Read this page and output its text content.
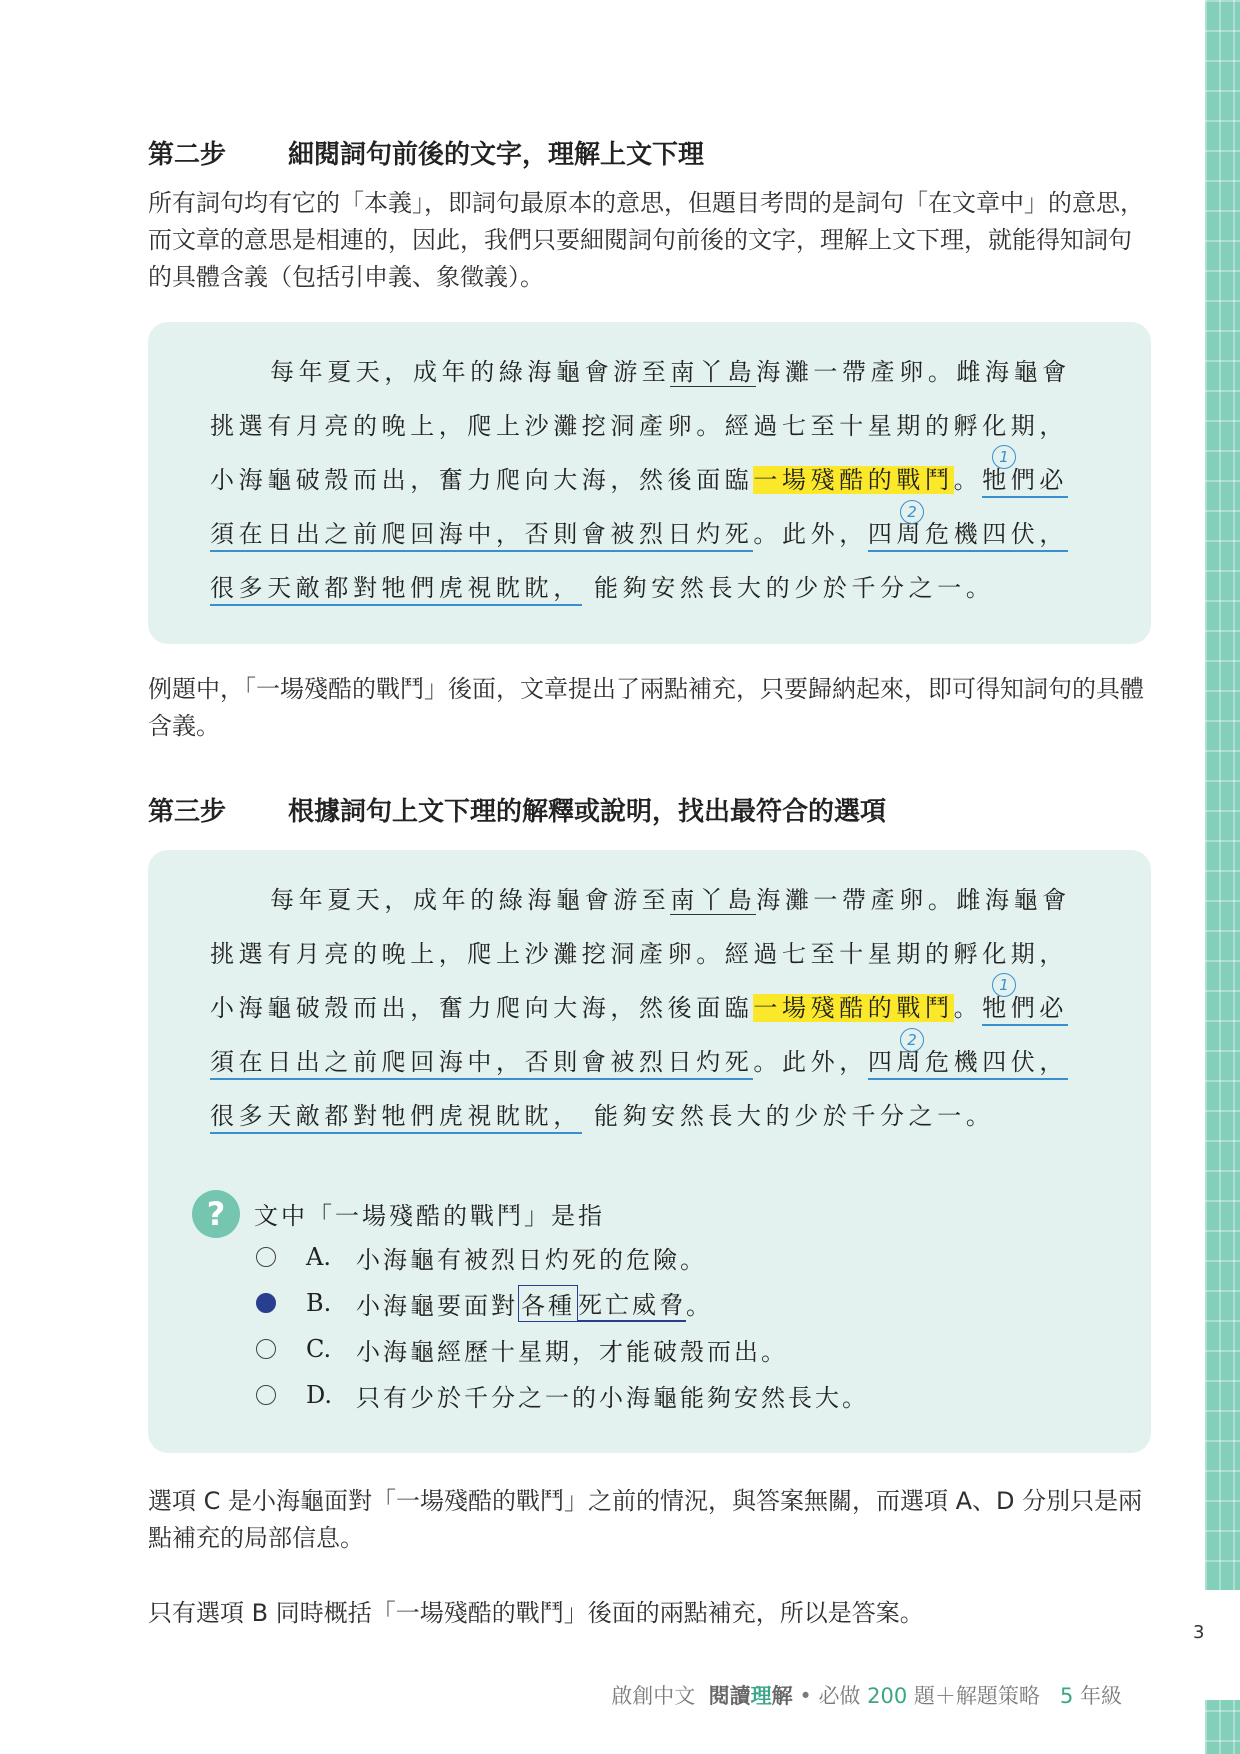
第二步 細閱詞句前後的文字，理解上文下理
所有詞句均有它的「本義」，即詞句最原本的意思，但題目考問的是詞句「在文章中」的意思，而文章的意思是相連的，因此，我們只要細閱詞句前後的文字，理解上文下理，就能得知詞句的具體含義（包括引申義、象徵義）。
每年夏天，成年的綠海龜會游至南丫島海灘一帶產卵。雌海龜會
挑選有月亮的晚上，爬上沙灘挖洞產卵。經過七至十星期的孵化期，
小海龜破殼而出，奮力爬向大海，然後面臨一場殘酷的戰鬥。牠們必
須在日出之前爬回海中，否則會被烈日灼死。此外，四周危機四伏，
很多天敵都對牠們虎視眈眈， 能夠安然長大的少於千分之一。
1
2
例題中，「一場殘酷的戰鬥」後面，文章提出了兩點補充，只要歸納起來，即可得知詞句的具體含義。
第三步 根據詞句上文下理的解釋或說明，找出最符合的選項
每年夏天，成年的綠海龜會游至南丫島海灘一帶產卵。雌海龜會
挑選有月亮的晚上，爬上沙灘挖洞產卵。經過七至十星期的孵化期，
小海龜破殼而出，奮力爬向大海，然後面臨一場殘酷的戰鬥。牠們必
須在日出之前爬回海中，否則會被烈日灼死。此外，四周危機四伏，
很多天敵都對牠們虎視眈眈， 能夠安然長大的少於千分之一。
1
2
?	文中「一場殘酷的戰鬥」是指
A.	小海龜有被烈日灼死的危險。
B.	小海龜要面對 各種 死亡威脅 。
C.	小海龜經歷十星期，才能破殼而出。
D. 只有少於千分之一的小海龜能夠安然長大。
選項 C 是小海龜面對「一場殘酷的戰鬥」之前的情況，與答案無關，而選項 A、D 分別只是兩點補充的局部信息。
只有選項 B 同時概括「一場殘酷的戰鬥」後面的兩點補充，所以是答案。
3
啟創中文 閱讀理解 • 必做 200 題＋解題策略 5 年級
